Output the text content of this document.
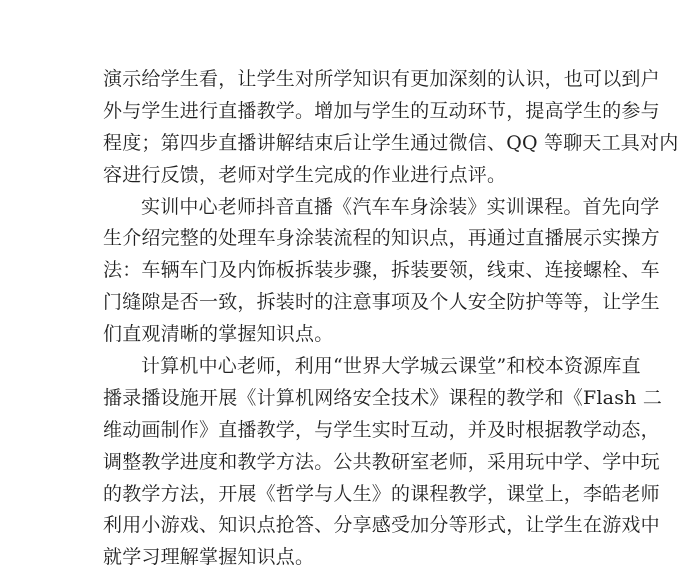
演示给学生看，让学生对所学知识有更加深刻的认识，也可以到户
外与学生进行直播教学。增加与学生的互动环节，提高学生的参与
程度；第四步直播讲解结束后让学生通过微信、QQ 等聊天工具对内
容进行反馈，老师对学生完成的作业进行点评。
实训中心老师抖音直播《汽车车身涂装》实训课程。首先向学
生介绍完整的处理车身涂装流程的知识点，再通过直播展示实操方
法：车辆车门及内饰板拆装步骤，拆装要领，线束、连接螺栓、车
门缝隙是否一致，拆装时的注意事项及个人安全防护等等，让学生
们直观清晰的掌握知识点。
计算机中心老师，利用“世界大学城云课堂”和校本资源库直
播录播设施开展《计算机网络安全技术》课程的教学和《Flash 二
维动画制作》直播教学，与学生实时互动，并及时根据教学动态，
调整教学进度和教学方法。公共教研室老师，采用玩中学、学中玩
的教学方法，开展《哲学与人生》的课程教学，课堂上，李皓老师
利用小游戏、知识点抢答、分享感受加分等形式，让学生在游戏中
就学习理解掌握知识点。
